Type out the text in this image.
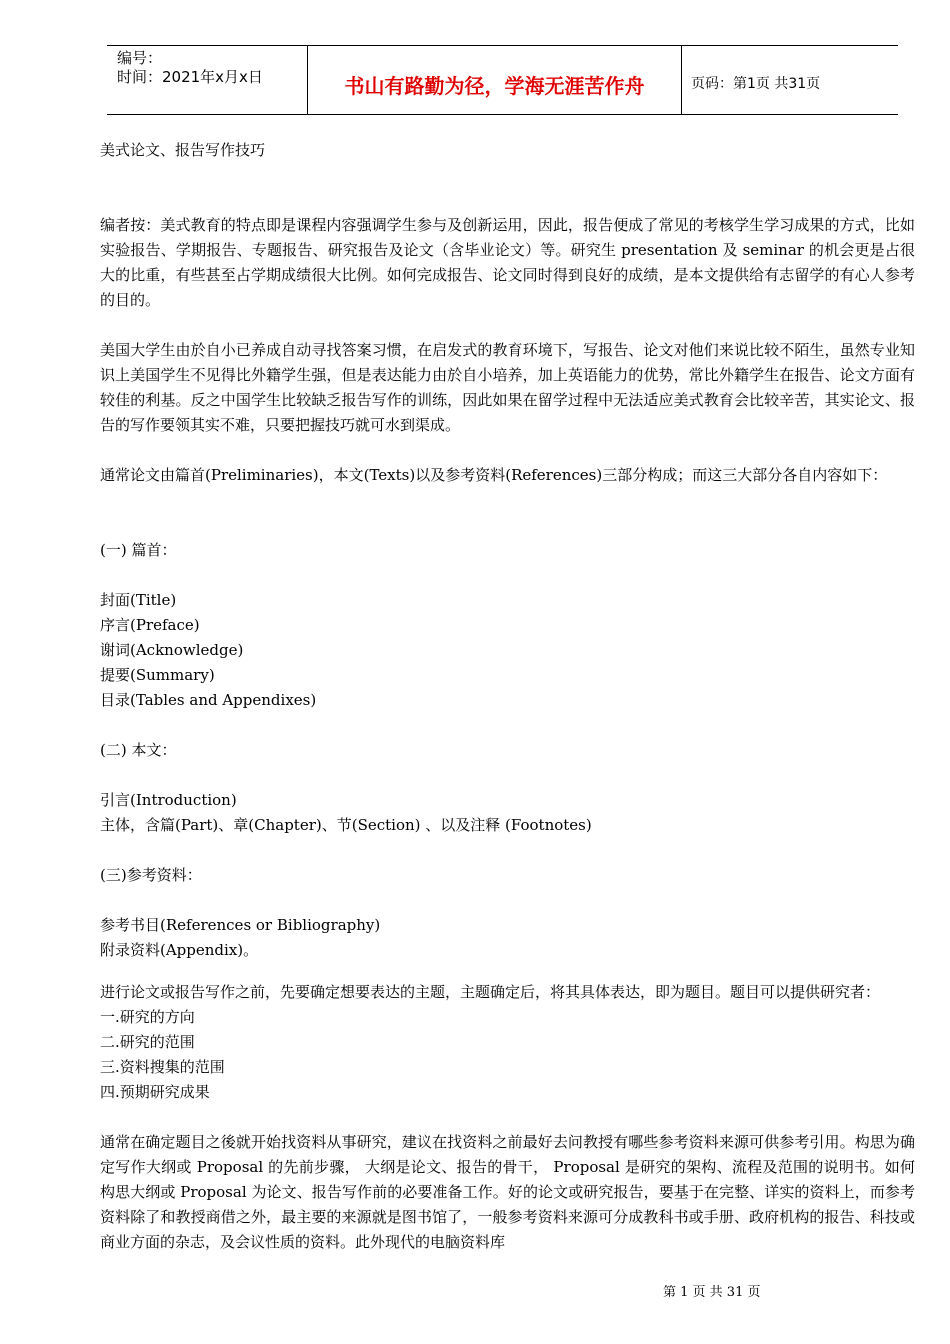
编号：
时间：2021年x月x日	书山有路勤为径，学海无涯苦作舟	页码：第1页 共31页

美式论文、报告写作技巧

编者按：美式教育的特点即是课程内容强调学生参与及创新运用，因此，报告便成了常见的考核学生学习成果的方式，比如实验报告、学期报告、专题报告、研究报告及论文（含毕业论文）等。研究生 presentation 及 seminar 的机会更是占很大的比重，有些甚至占学期成绩很大比例。如何完成报告、论文同时得到良好的成绩，是本文提供给有志留学的有心人参考的目的。

美国大学生由於自小已养成自动寻找答案习惯，在启发式的教育环境下，写报告、论文对他们来说比较不陌生，虽然专业知识上美国学生不见得比外籍学生强，但是表达能力由於自小培养，加上英语能力的优势，常比外籍学生在报告、论文方面有较佳的利基。反之中国学生比较缺乏报告写作的训练，因此如果在留学过程中无法适应美式教育会比较辛苦，其实论文、报告的写作要领其实不难，只要把握技巧就可水到渠成。

通常论文由篇首(Preliminaries)，本文(Texts)以及参考资料(References)三部分构成；而这三大部分各自内容如下：

(一) 篇首：

封面(Title)

序言(Preface)

谢词(Acknowledge)

提要(Summary)

目录(Tables and Appendixes)

(二) 本文：

引言(Introduction)

主体，含篇(Part)、章(Chapter)、节(Section) 、以及注释 (Footnotes)

(三)参考资料：

参考书目(References or Bibliography)

附录资料(Appendix)。

进行论文或报告写作之前，先要确定想要表达的主题，主题确定后，将其具体表达，即为题目。题目可以提供研究者：

一.研究的方向

二.研究的范围

三.资料搜集的范围

四.预期研究成果

通常在确定题目之後就开始找资料从事研究，建议在找资料之前最好去问教授有哪些参考资料来源可供参考引用。构思为确定写作大纲或 Proposal 的先前步骤， 大纲是论文、报告的骨干， Proposal 是研究的架构、流程及范围的说明书。如何构思大纲或 Proposal 为论文、报告写作前的必要准备工作。好的论文或研究报告，要基于在完整、详实的资料上，而参考资料除了和教授商借之外，最主要的来源就是图书馆了，一般参考资料来源可分成教科书或手册、政府机构的报告、科技或商业方面的杂志，及会议性质的资料。此外现代的电脑资料库

第 1 页 共 31 页
